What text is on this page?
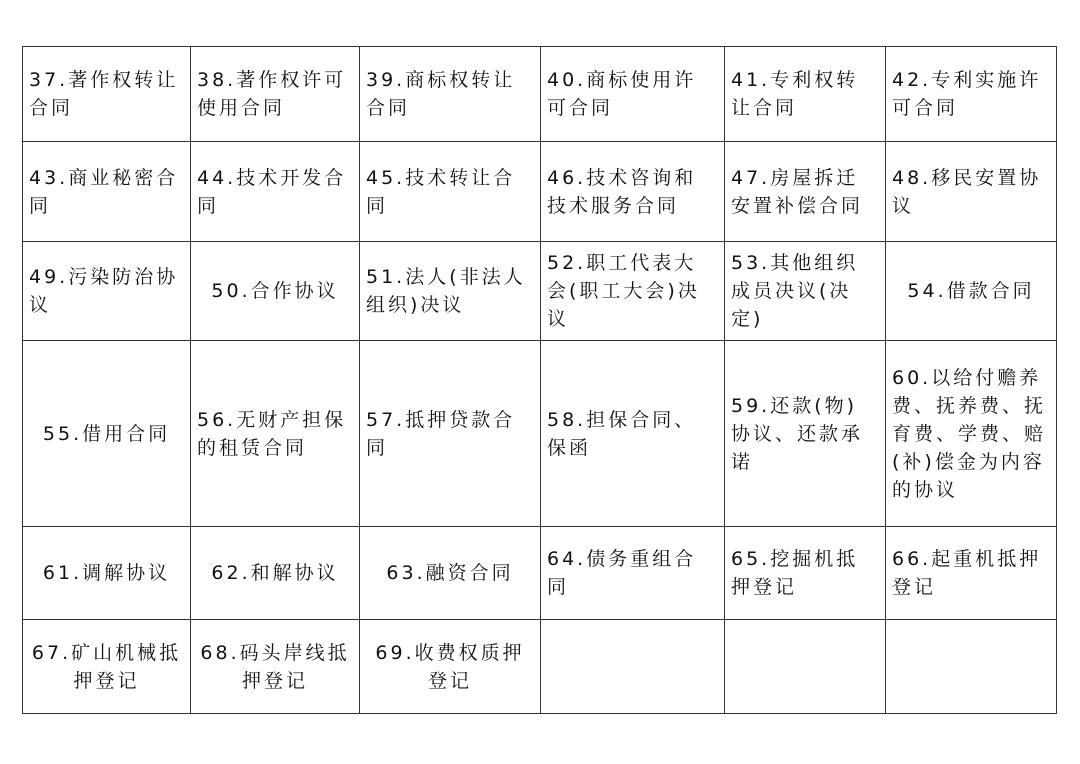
37.著作权转让合同	38.著作权许可使用合同	39.商标权转让合同	40.商标使用许可合同	41.专利权转让合同	42.专利实施许可合同
43.商业秘密合同	44.技术开发合同	45.技术转让合同	46.技术咨询和技术服务合同	47.房屋拆迁安置补偿合同	48.移民安置协议
49.污染防治协议	50.合作协议	51.法人(非法人组织)决议	52.职工代表大会(职工大会)决议	53.其他组织成员决议(决定)	54.借款合同
55.借用合同	56.无财产担保的租赁合同	57.抵押贷款合同	58.担保合同、保函	59.还款(物)协议、还款承诺	60.以给付赡养费、抚养费、抚育费、学费、赔(补)偿金为内容的协议
61.调解协议	62.和解协议	63.融资合同	64.债务重组合同	65.挖掘机抵押登记	66.起重机抵押登记
67.矿山机械抵押登记	68.码头岸线抵押登记	69.收费权质押登记			
